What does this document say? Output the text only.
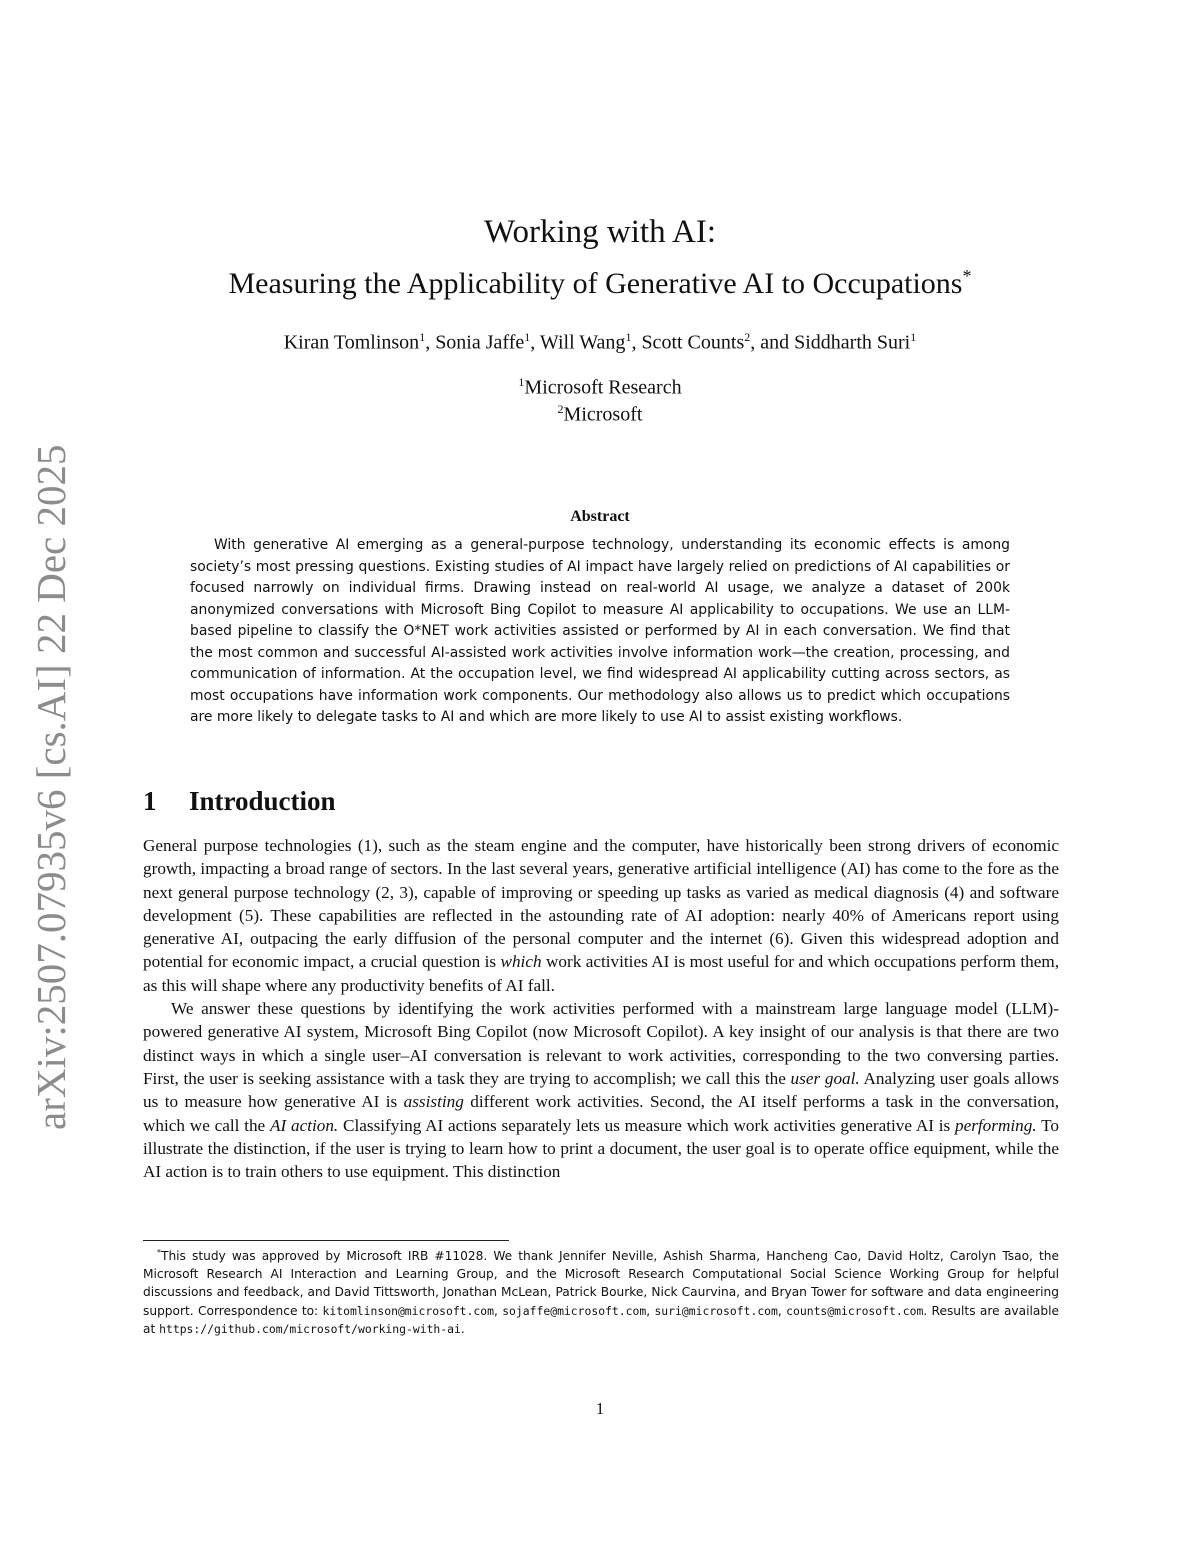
arXiv:2507.07935v6 [cs.AI] 22 Dec 2025
Working with AI:
Measuring the Applicability of Generative AI to Occupations*
Kiran Tomlinson$^1$, Sonia Jaffe$^1$, Will Wang$^1$, Scott Counts$^2$, and Siddharth Suri$^1$
$^1$Microsoft Research
$^2$Microsoft
Abstract
With generative AI emerging as a general-purpose technology, understanding its economic effects is among society’s most pressing questions. Existing studies of AI impact have largely relied on predictions of AI capabilities or focused narrowly on individual firms. Drawing instead on real-world AI usage, we analyze a dataset of 200k anonymized conversations with Microsoft Bing Copilot to measure AI applicability to occupations. We use an LLM-based pipeline to classify the O*NET work activities assisted or performed by AI in each conversation. We find that the most common and successful AI-assisted work activities involve information work—the creation, processing, and communication of information. At the occupation level, we find widespread AI applicability cutting across sectors, as most occupations have information work components. Our methodology also allows us to predict which occupations are more likely to delegate tasks to AI and which are more likely to use AI to assist existing workflows.
1 Introduction

General purpose technologies (1), such as the steam engine and the computer, have historically been strong drivers of economic growth, impacting a broad range of sectors. In the last several years, generative artificial intelligence (AI) has come to the fore as the next general purpose technology (2, 3), capable of improving or speeding up tasks as varied as medical diagnosis (4) and software development (5). These capabilities are reflected in the astounding rate of AI adoption: nearly 40% of Americans report using generative AI, outpacing the early diffusion of the personal computer and the internet (6). Given this widespread adoption and potential for economic impact, a crucial question is which work activities AI is most useful for and which occupations perform them, as this will shape where any productivity benefits of AI fall.

We answer these questions by identifying the work activities performed with a mainstream large language model (LLM)-powered generative AI system, Microsoft Bing Copilot (now Microsoft Copilot). A key insight of our analysis is that there are two distinct ways in which a single user–AI conversation is relevant to work activities, corresponding to the two conversing parties. First, the user is seeking assistance with a task they are trying to accomplish; we call this the user goal. Analyzing user goals allows us to measure how generative AI is assisting different work activities. Second, the AI itself performs a task in the conversation, which we call the AI action. Classifying AI actions separately lets us measure which work activities generative AI is performing. To illustrate the distinction, if the user is trying to learn how to print a document, the user goal is to operate office equipment, while the AI action is to train others to use equipment. This distinction

*This study was approved by Microsoft IRB #11028. We thank Jennifer Neville, Ashish Sharma, Hancheng Cao, David Holtz, Carolyn Tsao, the Microsoft Research AI Interaction and Learning Group, and the Microsoft Research Computational Social Science Working Group for helpful discussions and feedback, and David Tittsworth, Jonathan McLean, Patrick Bourke, Nick Caurvina, and Bryan Tower for software and data engineering support. Correspondence to: kitomlinson@microsoft.com, sojaffe@microsoft.com, suri@microsoft.com, counts@microsoft.com. Results are available at https://github.com/microsoft/working-with-ai.
1
